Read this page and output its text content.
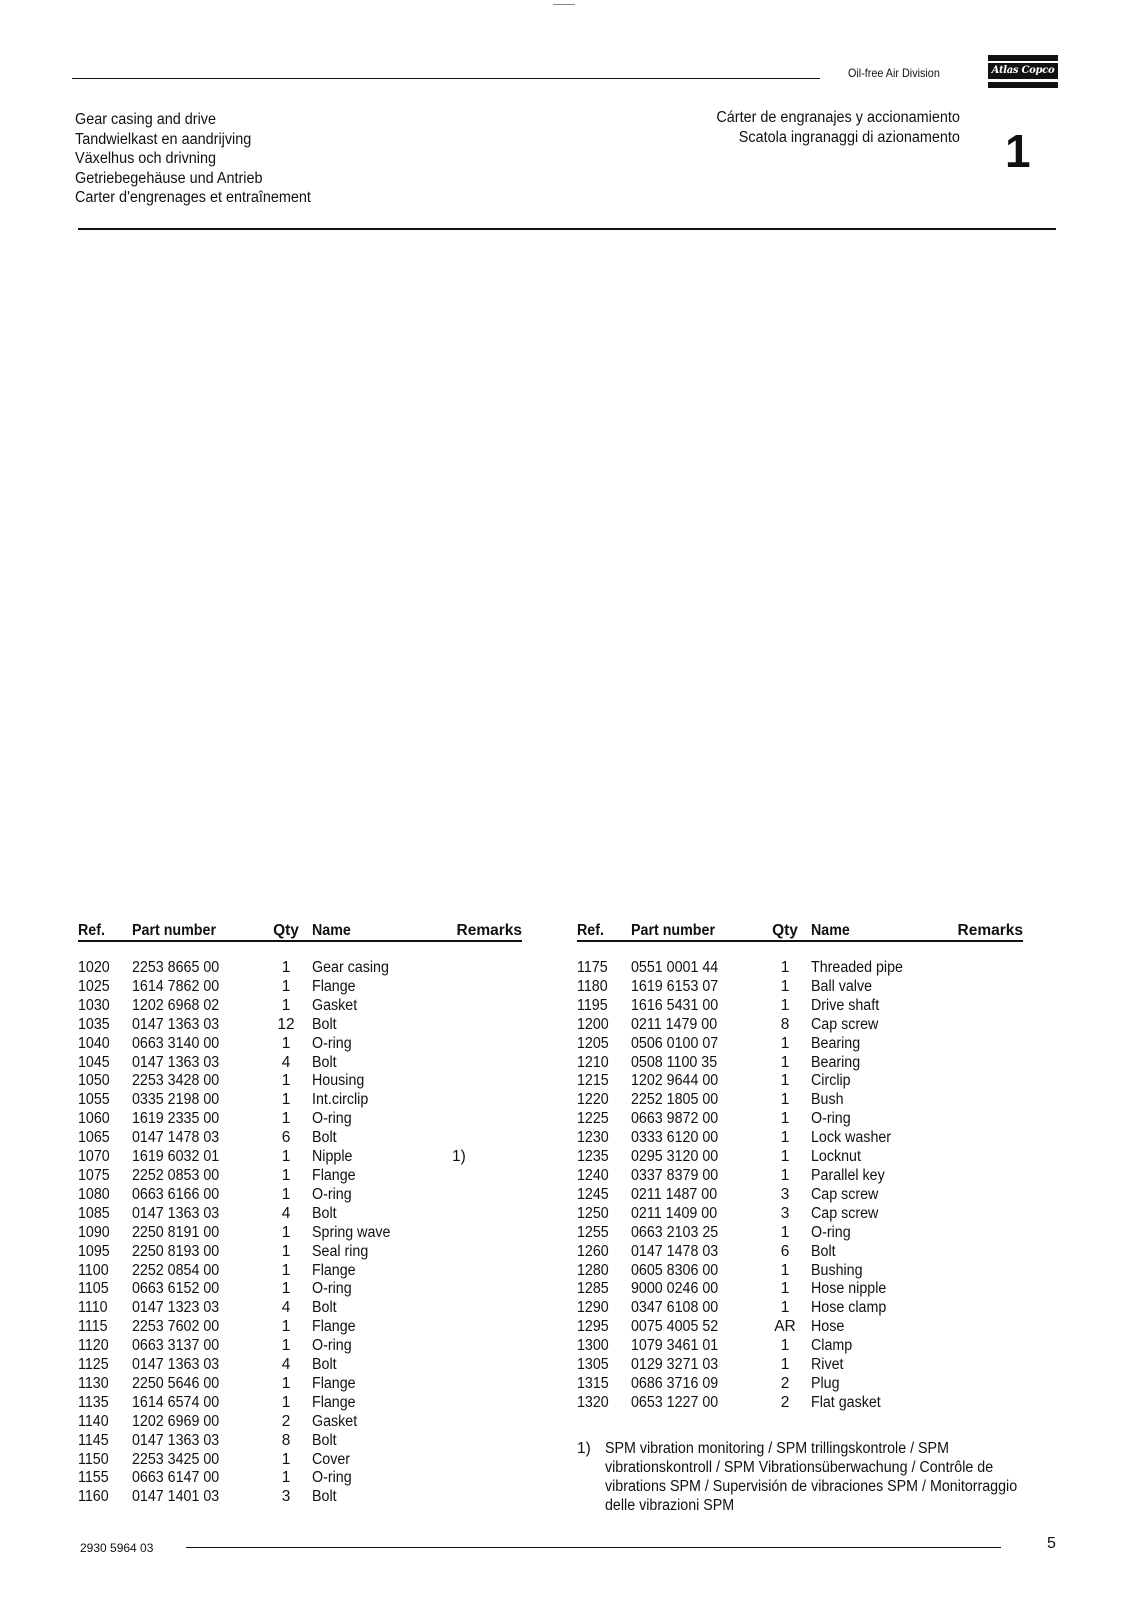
Oil-free Air Division	Atlas Copco
Gear casing and drive
Tandwielkast en aandrijving
Växelhus och drivning
Getriebegehäuse und Antrieb
Carter d'engrenages et entraînement
Cárter de engranajes y accionamiento
Scatola ingranaggi di azionamento 1
Ref.	Part number	Qty	Name	Remarks

1020	2253 8665 00	1	Gear casing	
1025	1614 7862 00	1	Flange	
1030	1202 6968 02	1	Gasket	
1035	0147 1363 03	12	Bolt	
1040	0663 3140 00	1	O-ring	
1045	0147 1363 03	4	Bolt	
1050	2253 3428 00	1	Housing	
1055	0335 2198 00	1	Int.circlip	
1060	1619 2335 00	1	O-ring	
1065	0147 1478 03	6	Bolt	
1070	1619 6032 01	1	Nipple	1)
1075	2252 0853 00	1	Flange	
1080	0663 6166 00	1	O-ring	
1085	0147 1363 03	4	Bolt	
1090	2250 8191 00	1	Spring wave	
1095	2250 8193 00	1	Seal ring	
1100	2252 0854 00	1	Flange	
1105	0663 6152 00	1	O-ring	
1110	0147 1323 03	4	Bolt	
1115	2253 7602 00	1	Flange	
1120	0663 3137 00	1	O-ring	
1125	0147 1363 03	4	Bolt	
1130	2250 5646 00	1	Flange	
1135	1614 6574 00	1	Flange	
1140	1202 6969 00	2	Gasket	
1145	0147 1363 03	8	Bolt	
1150	2253 3425 00	1	Cover	
1155	0663 6147 00	1	O-ring	
1160	0147 1401 03	3	Bolt	
Ref.	Part number	Qty	Name	Remarks

1175	0551 0001 44	1	Threaded pipe	
1180	1619 6153 07	1	Ball valve	
1195	1616 5431 00	1	Drive shaft	
1200	0211 1479 00	8	Cap screw	
1205	0506 0100 07	1	Bearing	
1210	0508 1100 35	1	Bearing	
1215	1202 9644 00	1	Circlip	
1220	2252 1805 00	1	Bush	
1225	0663 9872 00	1	O-ring	
1230	0333 6120 00	1	Lock washer	
1235	0295 3120 00	1	Locknut	
1240	0337 8379 00	1	Parallel key	
1245	0211 1487 00	3	Cap screw	
1250	0211 1409 00	3	Cap screw	
1255	0663 2103 25	1	O-ring	
1260	0147 1478 03	6	Bolt	
1280	0605 8306 00	1	Bushing	
1285	9000 0246 00	1	Hose nipple	
1290	0347 6108 00	1	Hose clamp	
1295	0075 4005 52	AR	Hose	
1300	1079 3461 01	1	Clamp	
1305	0129 3271 03	1	Rivet	
1315	0686 3716 09	2	Plug	
1320	0653 1227 00	2	Flat gasket	
1) SPM vibration monitoring / SPM trillingskontrole / SPM vibrationskontroll / SPM Vibrationsüberwachung / Contrôle de vibrations SPM / Supervisión de vibraciones SPM / Monitorraggio delle vibrazioni SPM
2930 5964 03	5
